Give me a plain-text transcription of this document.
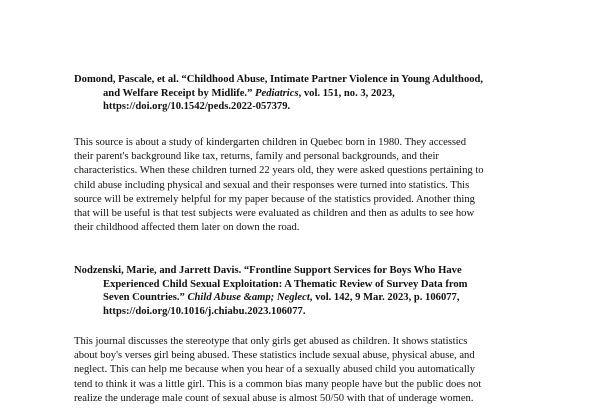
Domond, Pascale, et al. “Childhood Abuse, Intimate Partner Violence in Young Adulthood,
and Welfare Receipt by Midlife.” Pediatrics, vol. 151, no. 3, 2023,
https://doi.org/10.1542/peds.2022-057379.
This source is about a study of kindergarten children in Quebec born in 1980. They accessed
their parent's background like tax, returns, family and personal backgrounds, and their
characteristics. When these children turned 22 years old, they were asked questions pertaining to
child abuse including physical and sexual and their responses were turned into statistics. This
source will be extremely helpful for my paper because of the statistics provided. Another thing
that will be useful is that test subjects were evaluated as children and then as adults to see how
their childhood affected them later on down the road.
Nodzenski, Marie, and Jarrett Davis. “Frontline Support Services for Boys Who Have
Experienced Child Sexual Exploitation: A Thematic Review of Survey Data from
Seven Countries.” Child Abuse &amp; Neglect, vol. 142, 9 Mar. 2023, p. 106077,
https://doi.org/10.1016/j.chiabu.2023.106077.
This journal discusses the stereotype that only girls get abused as children. It shows statistics
about boy's verses girl being abused. These statistics include sexual abuse, physical abuse, and
neglect. This can help me because when you hear of a sexually abused child you automatically
tend to think it was a little girl. This is a common bias many people have but the public does not
realize the underage male count of sexual abuse is almost 50/50 with that of underage women.
